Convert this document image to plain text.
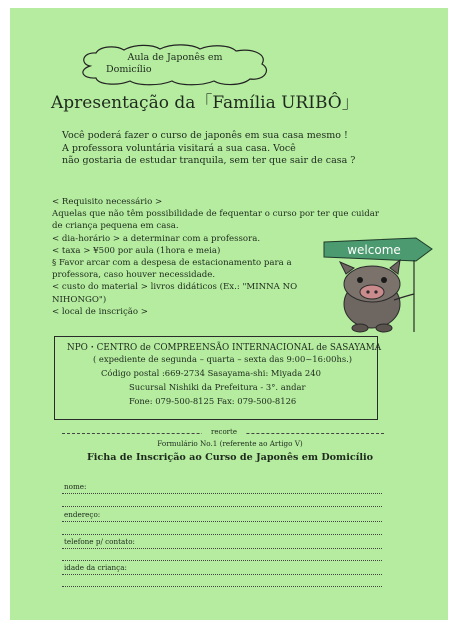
Aula de Japonês em
Domicílio
Apresentação da「Família URIBÔ」
Você poderá fazer o curso de japonês em sua casa mesmo !
A professora voluntária visitará a sua casa. Você
não gostaria de estudar tranquila, sem ter que sair de casa ?
< Requisito necessário >
Aquelas que não têm possibilidade de fequentar o curso por ter que cuidar
de criança pequena em casa.
< dia-horário > a determinar com a professora.
< taxa > ¥500 por aula (1hora e meia)
§ Favor arcar com a despesa de estacionamento para a
professora, caso houver necessidade.
< custo do material > livros didáticos (Ex.: "MINNA NO
NIHONGO")
< local de inscrição >
welcome
NPO・CENTRO de COMPREENSÃO INTERNACIONAL de SASAYAMA
( expediente de segunda – quarta – sexta das 9:00~16:00hs.)
Código postal :669-2734 Sasayama-shi: Miyada 240
Sucursal Nishiki da Prefeitura - 3°. andar
Fone: 079-500-8125 Fax: 079-500-8126
recorte
Formulário No.1 (referente ao Artigo V)
Ficha de Inscrição ao Curso de Japonês em Domicílio
nome:
endereço:
telefone p/ contato:
idade da criança:
